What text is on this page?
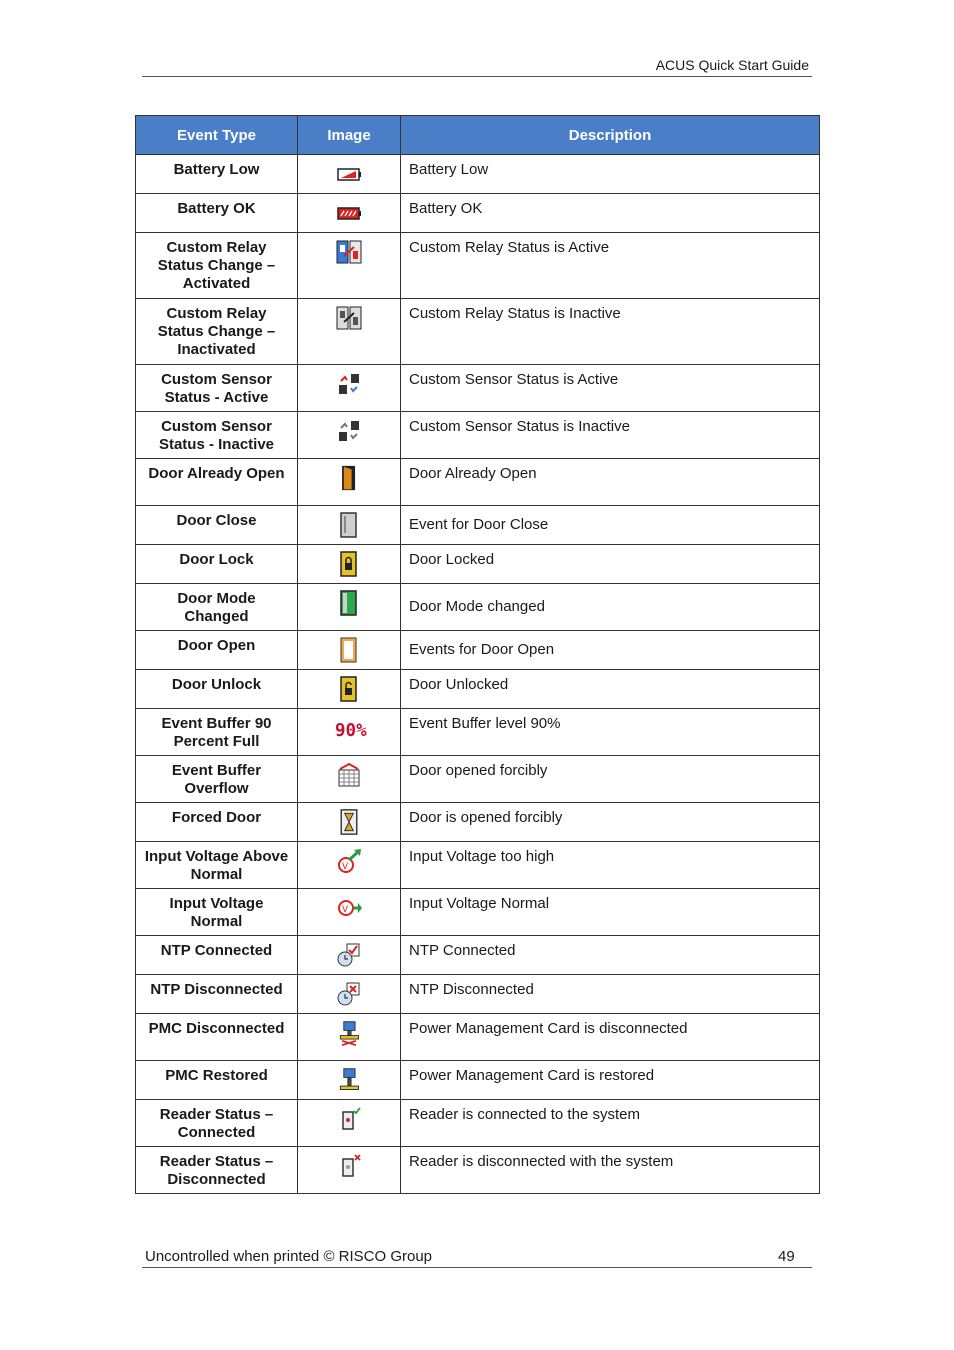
ACUS Quick Start Guide
Event Type	Image	Description
Battery Low		Battery Low
Battery OK		Battery OK
Custom Relay Status Change – Activated		Custom Relay Status is Active
Custom Relay Status Change – Inactivated		Custom Relay Status is Inactive
Custom Sensor Status - Active		Custom Sensor Status is Active
Custom Sensor Status - Inactive		Custom Sensor Status is Inactive
Door Already Open		Door Already Open
Door Close		Event for Door Close
Door Lock		Door Locked
Door Mode Changed		Door Mode changed
Door Open		Events for Door Open
Door Unlock		Door Unlocked
Event Buffer 90 Percent Full	90%	Event Buffer level 90%
Event Buffer Overflow		Door opened forcibly
Forced Door		Door is opened forcibly
Input Voltage Above Normal	V	Input Voltage too high
Input Voltage Normal	V	Input Voltage Normal
NTP Connected		NTP Connected
NTP Disconnected		NTP Disconnected
PMC Disconnected		Power Management Card is disconnected
PMC Restored		Power Management Card is restored
Reader Status – Connected		Reader is connected to the system
Reader Status – Disconnected		Reader is disconnected with the system
Uncontrolled when printed © RISCO Group	49
